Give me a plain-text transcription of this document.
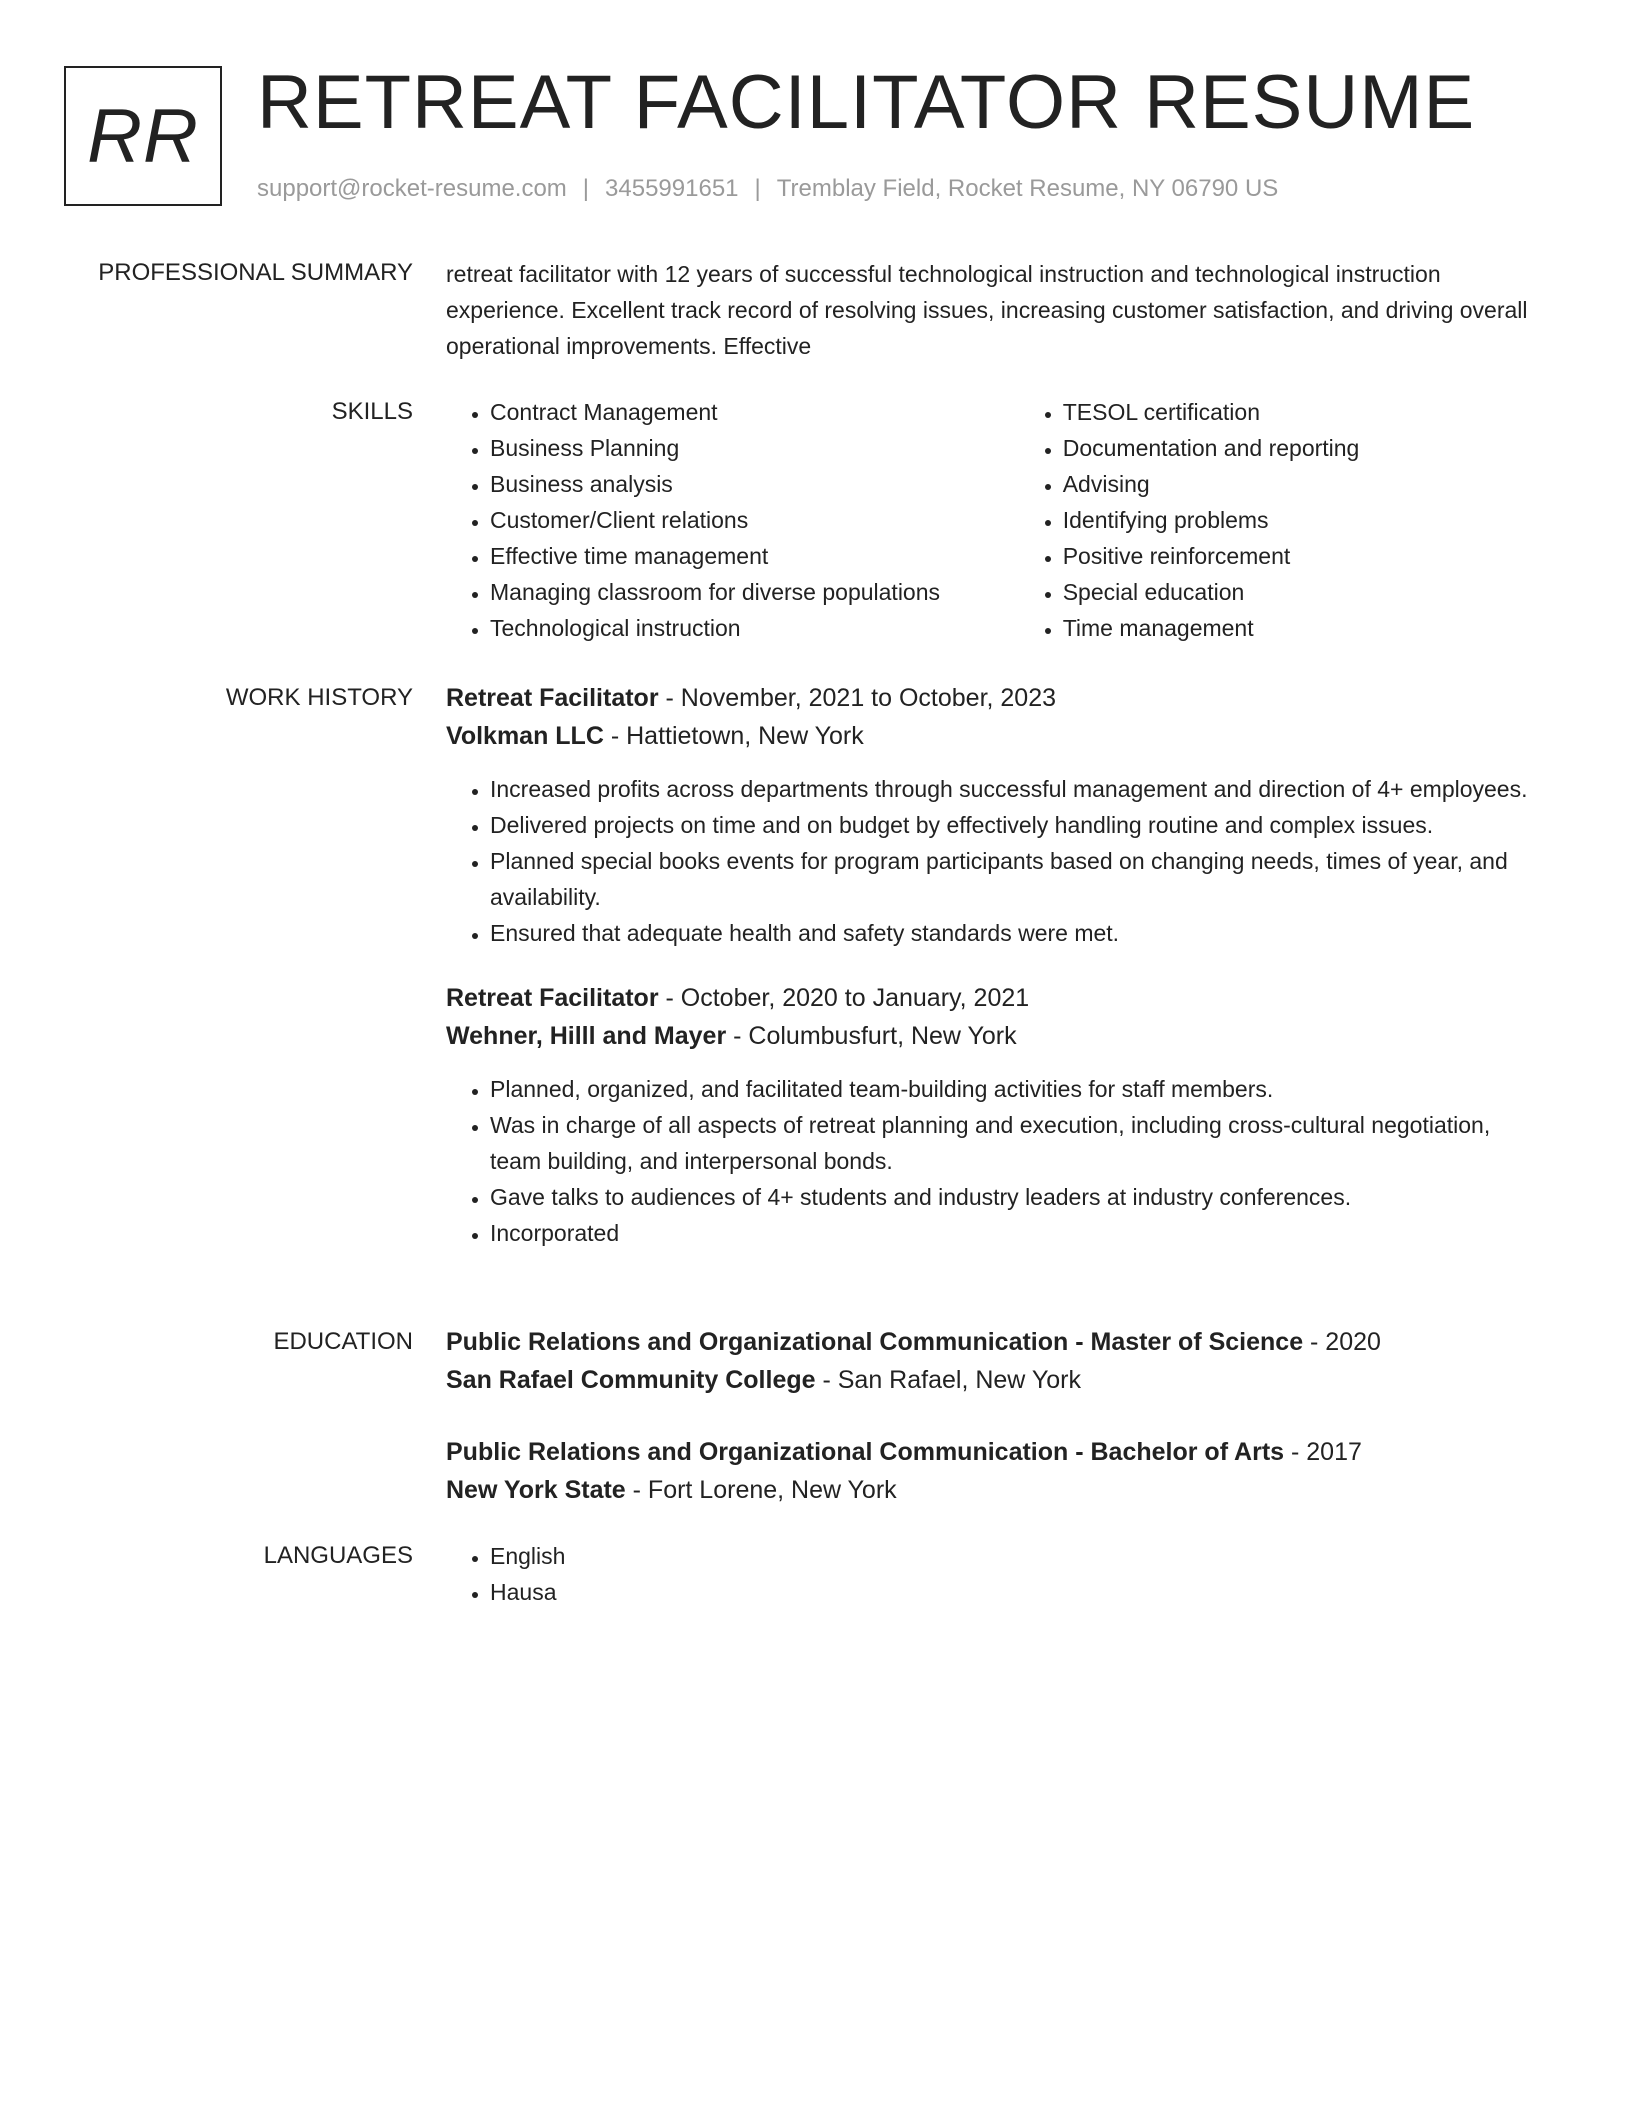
RR RETREAT FACILITATOR RESUME
support@rocket-resume.com | 3455991651 | Tremblay Field, Rocket Resume, NY 06790 US
PROFESSIONAL SUMMARY retreat facilitator with 12 years of successful technological instruction and technological instruction experience. Excellent track record of resolving issues, increasing customer satisfaction, and driving overall operational improvements. Effective

SKILLS	• Contract Management
• Business Planning
• Business analysis
• Customer/Client relations
• Effective time management
• Managing classroom for diverse populations
• Technological instruction
• TESOL certification
• Documentation and reporting
• Advising
• Identifying problems
• Positive reinforcement
• Special education
• Time management
WORK HISTORY Retreat Facilitator - November, 2021 to October, 2023
Volkman LLC - Hattietown, New York
• Increased profits across departments through successful management and direction of 4+ employees.
• Delivered projects on time and on budget by effectively handling routine and complex issues.
• Planned special books events for program participants based on changing needs, times of year, and availability.
• Ensured that adequate health and safety standards were met.
Retreat Facilitator - October, 2020 to January, 2021
Wehner, Hilll and Mayer - Columbusfurt, New York
• Planned, organized, and facilitated team-building activities for staff members.
• Was in charge of all aspects of retreat planning and execution, including cross-cultural negotiation, team building, and interpersonal bonds.
• Gave talks to audiences of 4+ students and industry leaders at industry conferences.
• Incorporated
EDUCATION Public Relations and Organizational Communication - Master of Science - 2020
San Rafael Community College - San Rafael, New York
Public Relations and Organizational Communication - Bachelor of Arts - 2017
New York State - Fort Lorene, New York
LANGUAGES	• English
• Hausa
